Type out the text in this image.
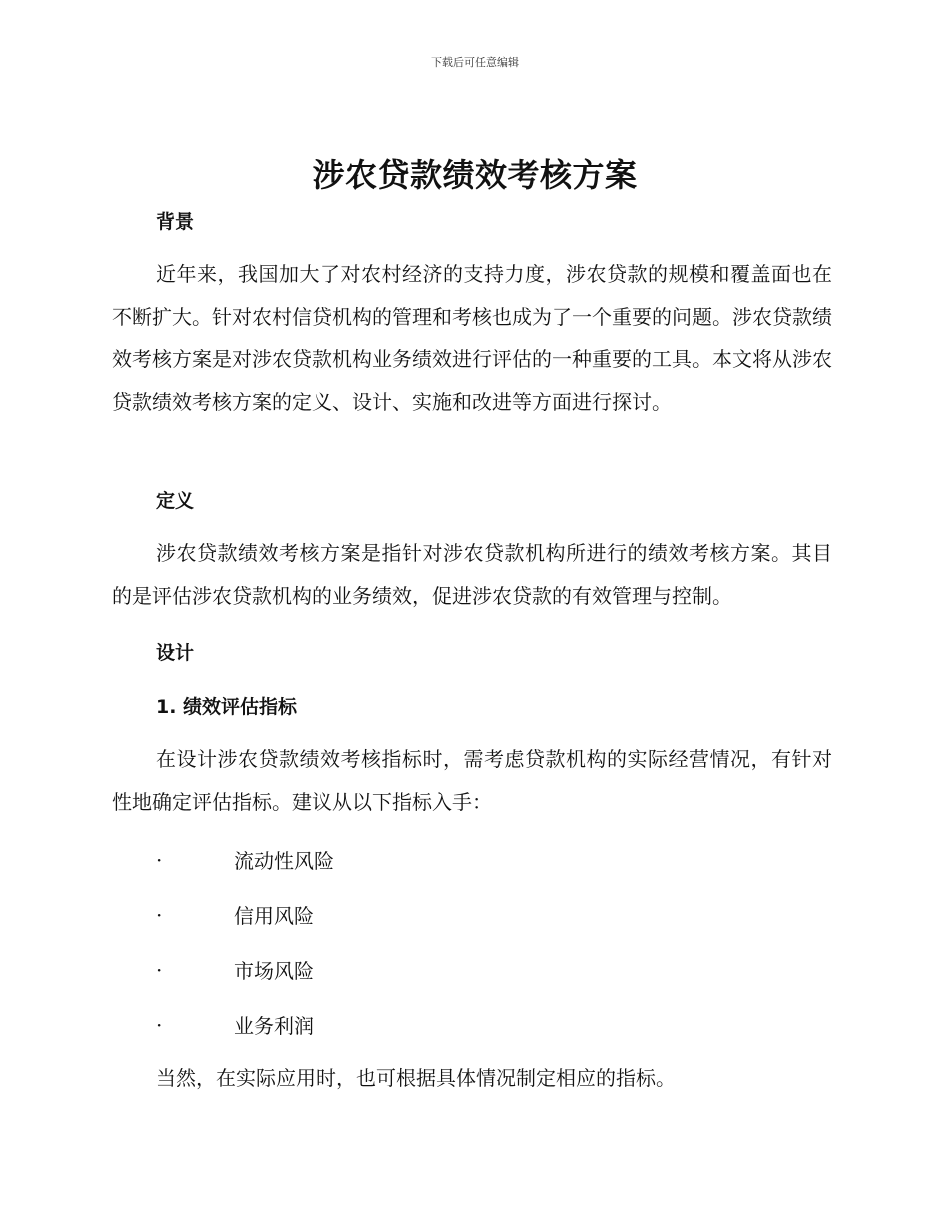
下载后可任意编辑
涉农贷款绩效考核方案
背景

近年来，我国加大了对农村经济的支持力度，涉农贷款的规模和覆盖面也在不断扩大。针对农村信贷机构的管理和考核也成为了一个重要的问题。涉农贷款绩效考核方案是对涉农贷款机构业务绩效进行评估的一种重要的工具。本文将从涉农贷款绩效考核方案的定义、设计、实施和改进等方面进行探讨。

定义

涉农贷款绩效考核方案是指针对涉农贷款机构所进行的绩效考核方案。其目的是评估涉农贷款机构的业务绩效，促进涉农贷款的有效管理与控制。

设计
1. 绩效评估指标

在设计涉农贷款绩效考核指标时，需考虑贷款机构的实际经营情况，有针对性地确定评估指标。建议从以下指标入手：

·	流动性风险
·	信用风险
·	市场风险
·	业务利润

当然，在实际应用时，也可根据具体情况制定相应的指标。
